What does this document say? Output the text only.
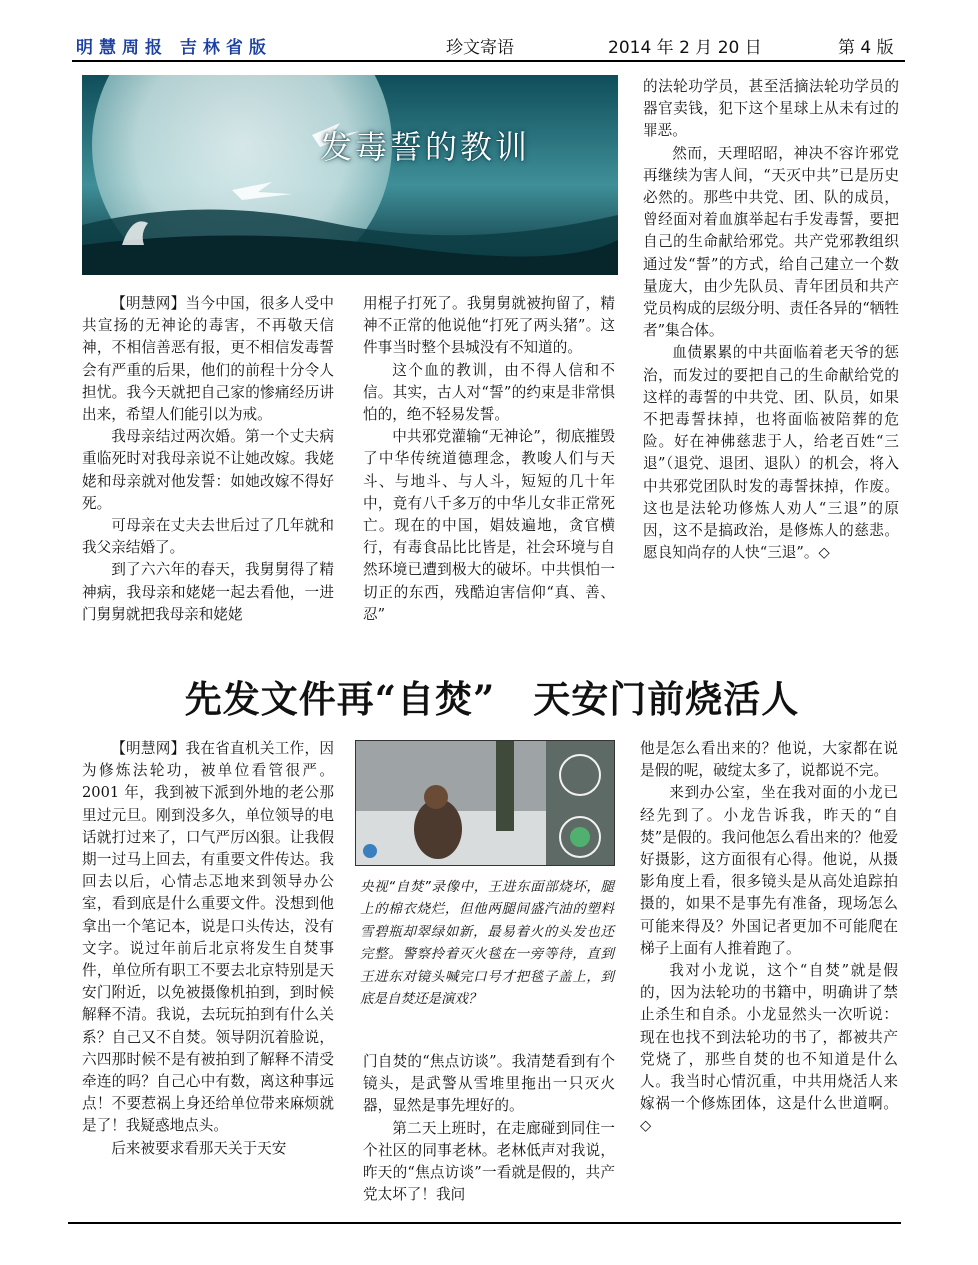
明慧周报 吉林省版	珍文寄语	2014 年 2 月 20 日	第 4 版
发毒誓的教训

【明慧网】当今中国，很多人受中共宣扬的无神论的毒害，不再敬天信神，不相信善恶有报，更不相信发毒誓会有严重的后果，他们的前程十分令人担忧。我今天就把自己家的惨痛经历讲出来，希望人们能引以为戒。

我母亲结过两次婚。第一个丈夫病重临死时对我母亲说不让她改嫁。我姥姥和母亲就对他发誓：如她改嫁不得好死。

可母亲在丈夫去世后过了几年就和我父亲结婚了。

到了六六年的春天，我舅舅得了精神病，我母亲和姥姥一起去看他，一进门舅舅就把我母亲和姥姥

用棍子打死了。我舅舅就被拘留了，精神不正常的他说他“打死了两头猪”。这件事当时整个县城没有不知道的。

这个血的教训，由不得人信和不信。其实，古人对“誓”的约束是非常惧怕的，绝不轻易发誓。

中共邪党灌输“无神论”，彻底摧毁了中华传统道德理念，教唆人们与天斗、与地斗、与人斗，短短的几十年中，竟有八千多万的中华儿女非正常死亡。现在的中国，娼妓遍地，贪官横行，有毒食品比比皆是，社会环境与自然环境已遭到极大的破坏。中共惧怕一切正的东西，残酷迫害信仰“真、善、忍”

的法轮功学员，甚至活摘法轮功学员的器官卖钱，犯下这个星球上从未有过的罪恶。

然而，天理昭昭，神决不容许邪党再继续为害人间，“天灭中共”已是历史必然的。那些中共党、团、队的成员，曾经面对着血旗举起右手发毒誓，要把自己的生命献给邪党。共产党邪教组织通过发“誓”的方式，给自己建立一个数量庞大，由少先队员、青年团员和共产党员构成的层级分明、责任各异的“牺牲者”集合体。

血债累累的中共面临着老天爷的惩治，而发过的要把自己的生命献给党的这样的毒誓的中共党、团、队员，如果不把毒誓抹掉，也将面临被陪葬的危险。好在神佛慈悲于人，给老百姓“三退”（退党、退团、退队）的机会，将入中共邪党团队时发的毒誓抹掉，作废。这也是法轮功修炼人劝人“三退”的原因，这不是搞政治，是修炼人的慈悲。愿良知尚存的人快“三退”。◇

先发文件再“自焚”　天安门前烧活人

【明慧网】我在省直机关工作，因为修炼法轮功，被单位看管很严。2001 年，我到被下派到外地的老公那里过元旦。刚到没多久，单位领导的电话就打过来了，口气严厉凶狠。让我假期一过马上回去，有重要文件传达。我回去以后，心情忐忑地来到领导办公室，看到底是什么重要文件。没想到他拿出一个笔记本，说是口头传达，没有文字。说过年前后北京将发生自焚事件，单位所有职工不要去北京特别是天安门附近，以免被摄像机拍到，到时候解释不清。我说，去玩玩拍到有什么关系？自己又不自焚。领导阴沉着脸说，六四那时候不是有被拍到了解释不清受牵连的吗？自己心中有数，离这种事远点！不要惹祸上身还给单位带来麻烦就是了！我疑惑地点头。

后来被要求看那天关于天安

央视“自焚”录像中，王进东面部烧坏，腿上的棉衣烧烂，但他两腿间盛汽油的塑料雪碧瓶却翠绿如新，最易着火的头发也还完整。警察拎着灭火毯在一旁等待，直到王进东对镜头喊完口号才把毯子盖上，到底是自焚还是演戏？

门自焚的“焦点访谈”。我清楚看到有个镜头，是武警从雪堆里拖出一只灭火器，显然是事先埋好的。

第二天上班时，在走廊碰到同住一个社区的同事老林。老林低声对我说，昨天的“焦点访谈”一看就是假的，共产党太坏了！我问

他是怎么看出来的？他说，大家都在说是假的呢，破绽太多了，说都说不完。

来到办公室，坐在我对面的小龙已经先到了。小龙告诉我，昨天的“自焚”是假的。我问他怎么看出来的？他爱好摄影，这方面很有心得。他说，从摄影角度上看，很多镜头是从高处追踪拍摄的，如果不是事先有准备，现场怎么可能来得及？外国记者更加不可能爬在梯子上面有人推着跑了。

我对小龙说，这个“自焚”就是假的，因为法轮功的书籍中，明确讲了禁止杀生和自杀。小龙显然头一次听说：现在也找不到法轮功的书了，都被共产党烧了，那些自焚的也不知道是什么人。我当时心情沉重，中共用烧活人来嫁祸一个修炼团体，这是什么世道啊。◇
